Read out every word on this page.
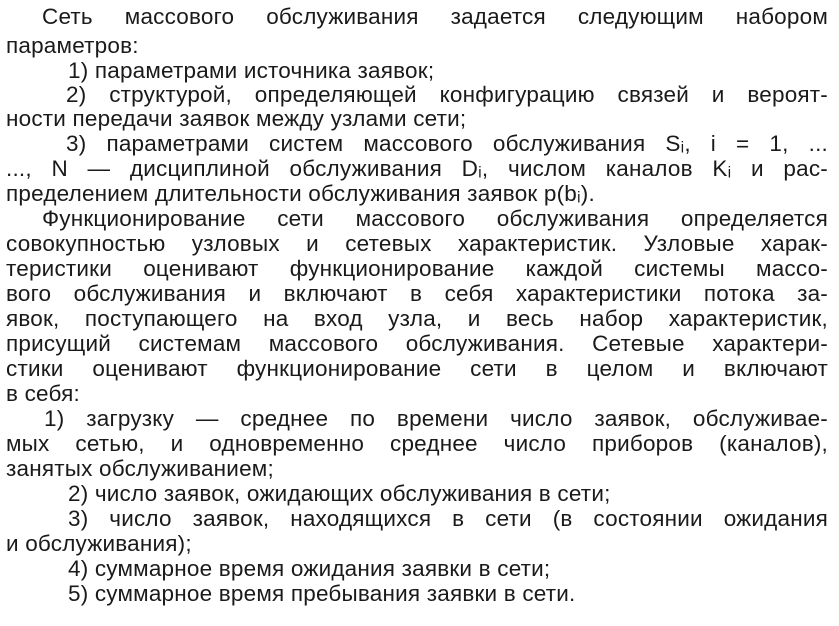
Сеть массового обслуживания задается следующим набором
параметров:
1) параметрами источника заявок;
2) структурой, определяющей конфигурацию связей и вероят-
ности передачи заявок между узлами сети;
3) параметрами систем массового обслуживания Sᵢ, i = 1, ...
..., N — дисциплиной обслуживания Dᵢ, числом каналов Kᵢ и рас-
пределением длительности обслуживания заявок p(bᵢ).
Функционирование сети массового обслуживания определяется
совокупностью узловых и сетевых характеристик. Узловые харак-
теристики оценивают функционирование каждой системы массо-
вого обслуживания и включают в себя характеристики потока за-
явок, поступающего на вход узла, и весь набор характеристик,
присущий системам массового обслуживания. Сетевые характери-
стики оценивают функционирование сети в целом и включают
в себя:
1) загрузку — среднее по времени число заявок, обслуживае-
мых сетью, и одновременно среднее число приборов (каналов),
занятых обслуживанием;
2) число заявок, ожидающих обслуживания в сети;
3) число заявок, находящихся в сети (в состоянии ожидания
и обслуживания);
4) суммарное время ожидания заявки в сети;
5) суммарное время пребывания заявки в сети.
